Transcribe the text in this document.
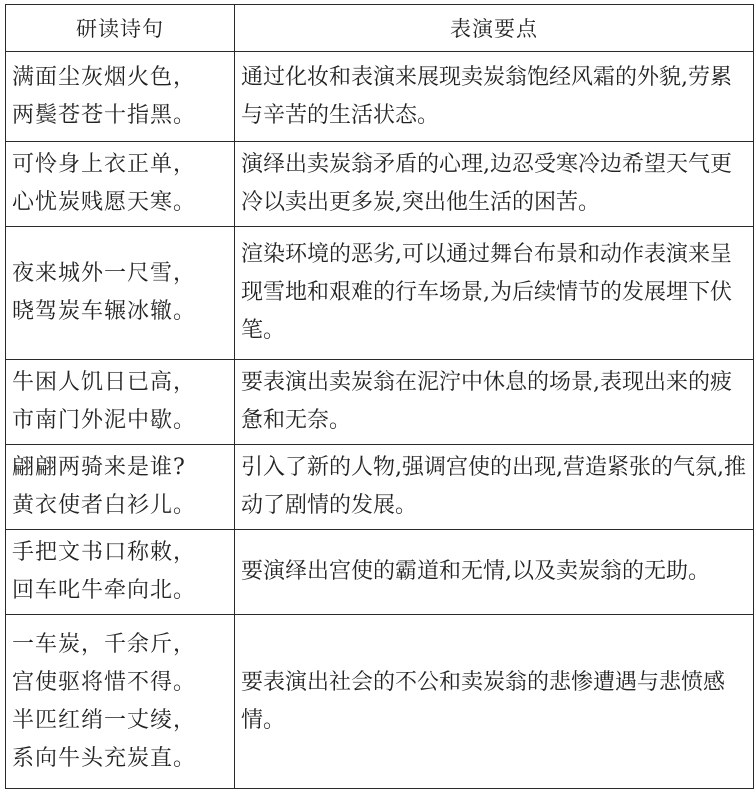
研读诗句	表演要点

满面尘灰烟火色，
两鬓苍苍十指黑。	通过化妆和表演来展现卖炭翁饱经风霜的外貌,劳累与辛苦的生活状态。

可怜身上衣正单，
心忧炭贱愿天寒。	演绎出卖炭翁矛盾的心理,边忍受寒冷边希望天气更冷以卖出更多炭,突出他生活的困苦。

夜来城外一尺雪，
晓驾炭车辗冰辙。	渲染环境的恶劣,可以通过舞台布景和动作表演来呈现雪地和艰难的行车场景,为后续情节的发展埋下伏笔。

牛困人饥日已高，
市南门外泥中歇。	要表演出卖炭翁在泥泞中休息的场景,表现出来的疲惫和无奈。

翩翩两骑来是谁?
黄衣使者白衫儿。	引入了新的人物,强调宫使的出现,营造紧张的气氛,推动了剧情的发展。

手把文书口称敕，
回车叱牛牵向北。	要演绎出宫使的霸道和无情,以及卖炭翁的无助。

一车炭，千余斤，
宫使驱将惜不得。
半匹红绡一丈绫，
系向牛头充炭直。	要表演出社会的不公和卖炭翁的悲惨遭遇与悲愤感情。
